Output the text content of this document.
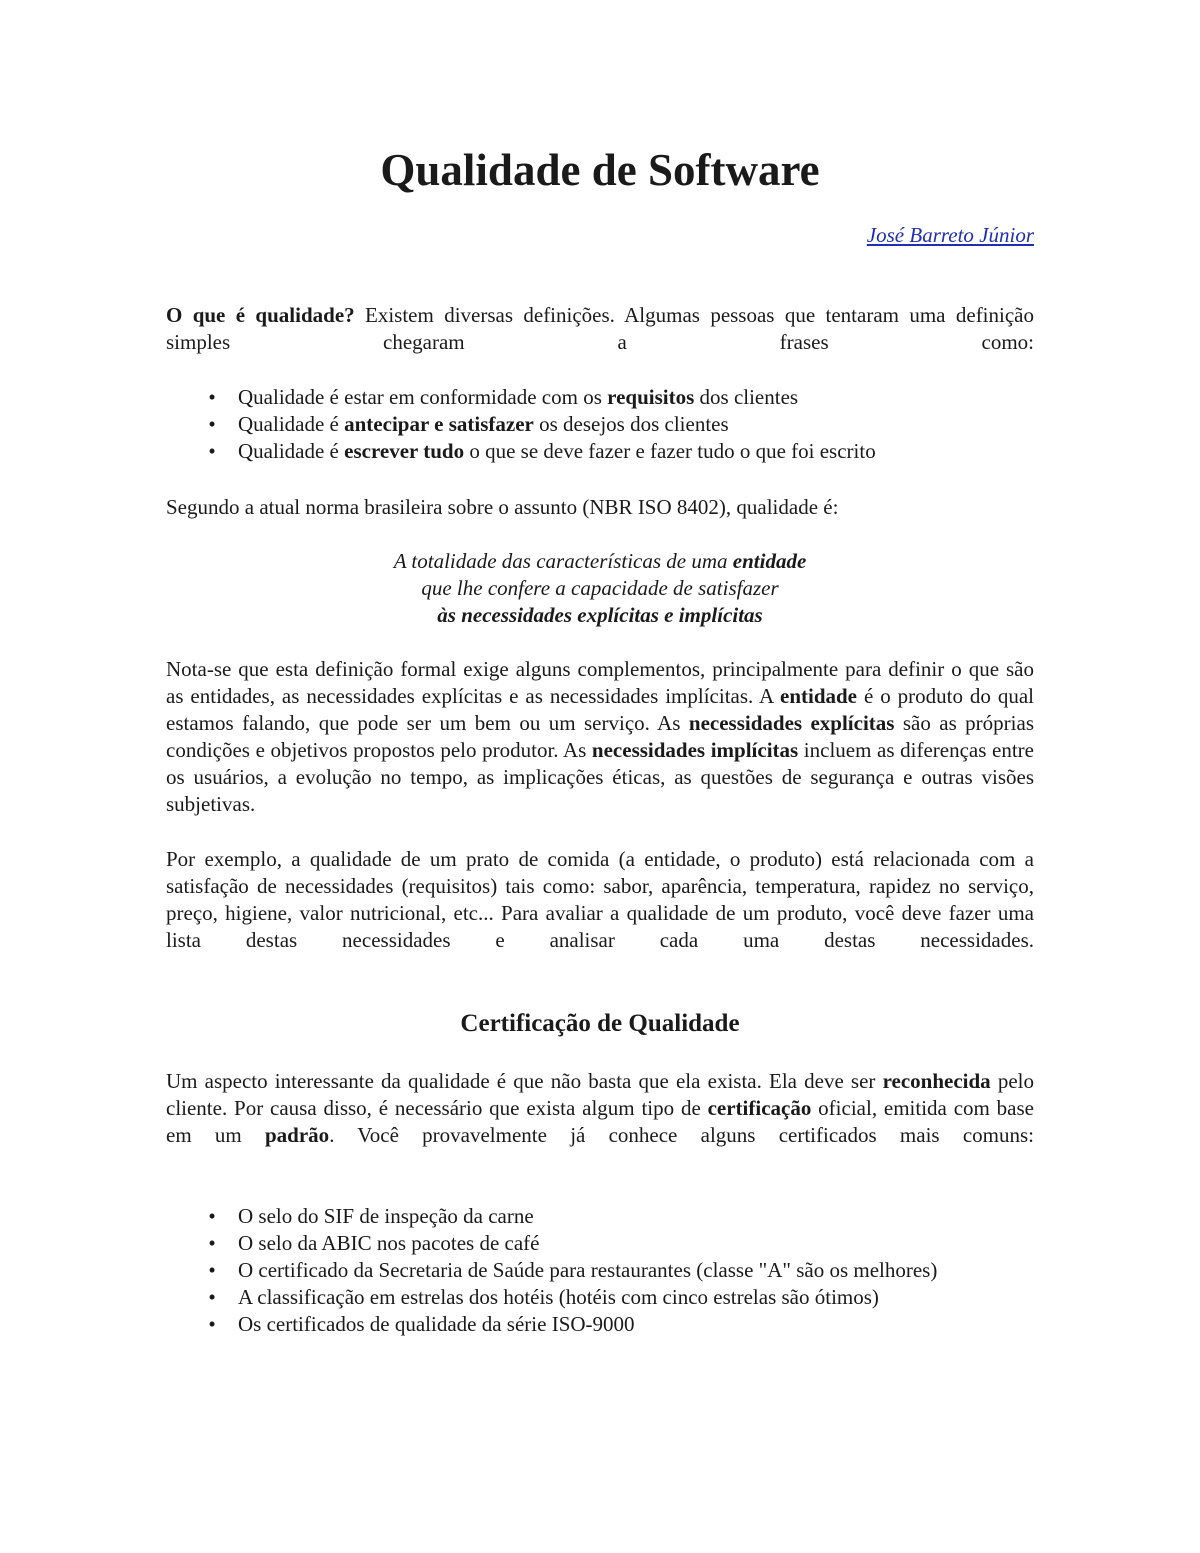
Qualidade de Software
José Barreto Júnior

O que é qualidade? Existem diversas definições. Algumas pessoas que tentaram uma definição simples chegaram a frases como:

•	Qualidade é estar em conformidade com os requisitos dos clientes
•	Qualidade é antecipar e satisfazer os desejos dos clientes
•	Qualidade é escrever tudo o que se deve fazer e fazer tudo o que foi escrito

Segundo a atual norma brasileira sobre o assunto (NBR ISO 8402), qualidade é:

A totalidade das características de uma entidade
que lhe confere a capacidade de satisfazer
às necessidades explícitas e implícitas

Nota-se que esta definição formal exige alguns complementos, principalmente para definir o que são as entidades, as necessidades explícitas e as necessidades implícitas. A entidade é o produto do qual estamos falando, que pode ser um bem ou um serviço. As necessidades explícitas são as próprias condições e objetivos propostos pelo produtor. As necessidades implícitas incluem as diferenças entre os usuários, a evolução no tempo, as implicações éticas, as questões de segurança e outras visões subjetivas.

Por exemplo, a qualidade de um prato de comida (a entidade, o produto) está relacionada com a satisfação de necessidades (requisitos) tais como: sabor, aparência, temperatura, rapidez no serviço, preço, higiene, valor nutricional, etc... Para avaliar a qualidade de um produto, você deve fazer uma lista destas necessidades e analisar cada uma destas necessidades.

Certificação de Qualidade

Um aspecto interessante da qualidade é que não basta que ela exista. Ela deve ser reconhecida pelo cliente. Por causa disso, é necessário que exista algum tipo de certificação oficial, emitida com base em um padrão. Você provavelmente já conhece alguns certificados mais comuns:

•	O selo do SIF de inspeção da carne
•	O selo da ABIC nos pacotes de café
•	O certificado da Secretaria de Saúde para restaurantes (classe "A" são os melhores)
•	A classificação em estrelas dos hotéis (hotéis com cinco estrelas são ótimos)
•	Os certificados de qualidade da série ISO-9000
